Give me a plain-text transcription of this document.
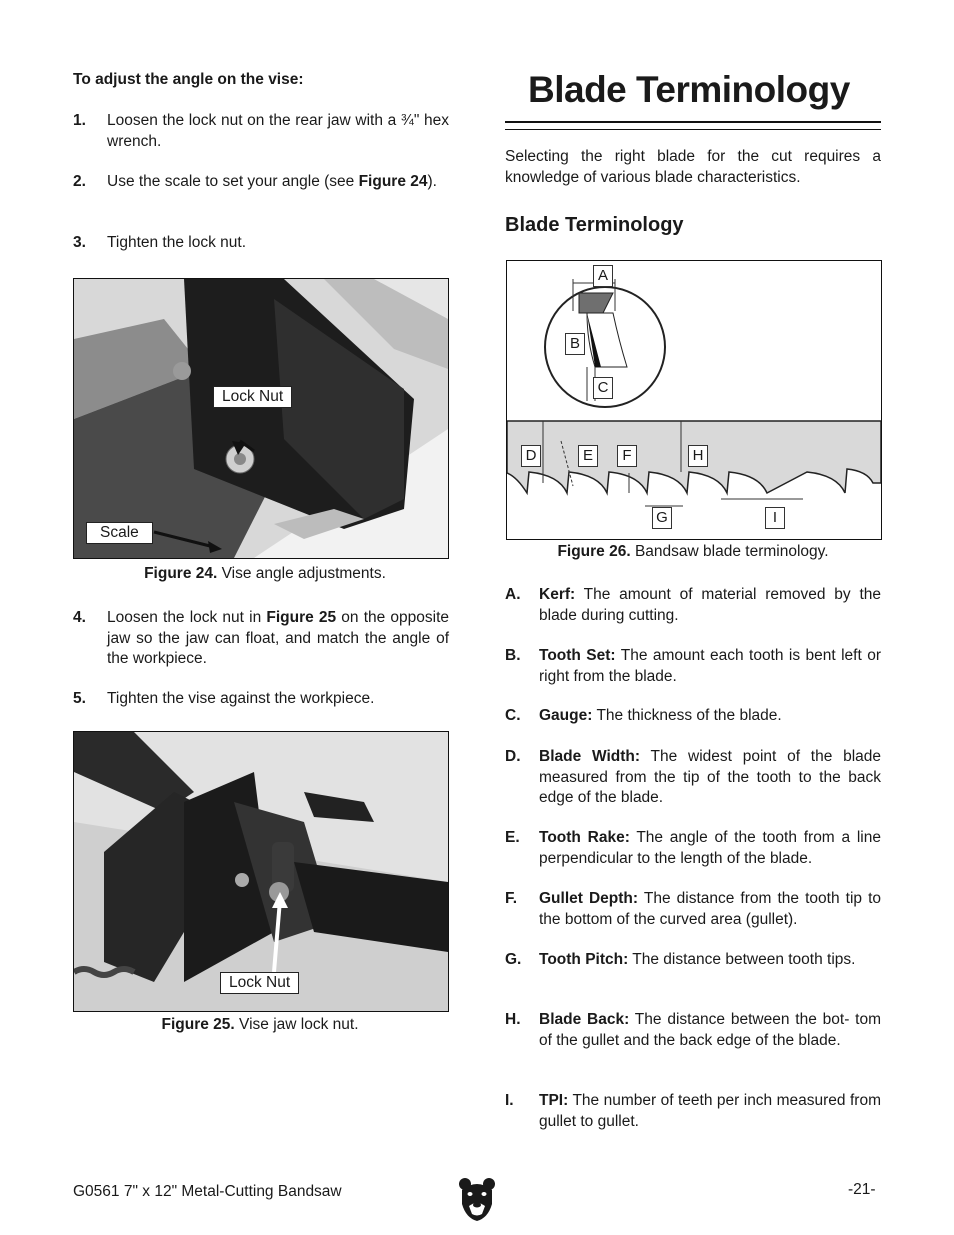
To adjust the angle on the vise:
1. Loosen the lock nut on the rear jaw with a ¾" hex wrench.
2. Use the scale to set your angle (see Figure 24).
3. Tighten the lock nut.
Lock Nut
Scale
Figure 24. Vise angle adjustments.
4. Loosen the lock nut in Figure 25 on the opposite jaw so the jaw can float, and match the angle of the workpiece.
5. Tighten the vise against the workpiece.
Lock Nut
Figure 25. Vise jaw lock nut.
Blade Terminology
Selecting the right blade for the cut requires a knowledge of various blade characteristics.
Blade Terminology
A
B
C
D	E	F	H
G	I
Figure 26. Bandsaw blade terminology.
A. Kerf: The amount of material removed by the blade during cutting.
B. Tooth Set: The amount each tooth is bent left or right from the blade.
C. Gauge: The thickness of the blade.
D. Blade Width: The widest point of the blade measured from the tip of the tooth to the back edge of the blade.
E. Tooth Rake: The angle of the tooth from a line perpendicular to the length of the blade.
F. Gullet Depth: The distance from the tooth tip to the bottom of the curved area (gullet).
G. Tooth Pitch: The distance between tooth tips.
H. Blade Back: The distance between the bot- tom of the gullet and the back edge of the blade.
I. TPI: The number of teeth per inch measured from gullet to gullet.
G0561 7" x 12" Metal-Cutting Bandsaw	-21-
